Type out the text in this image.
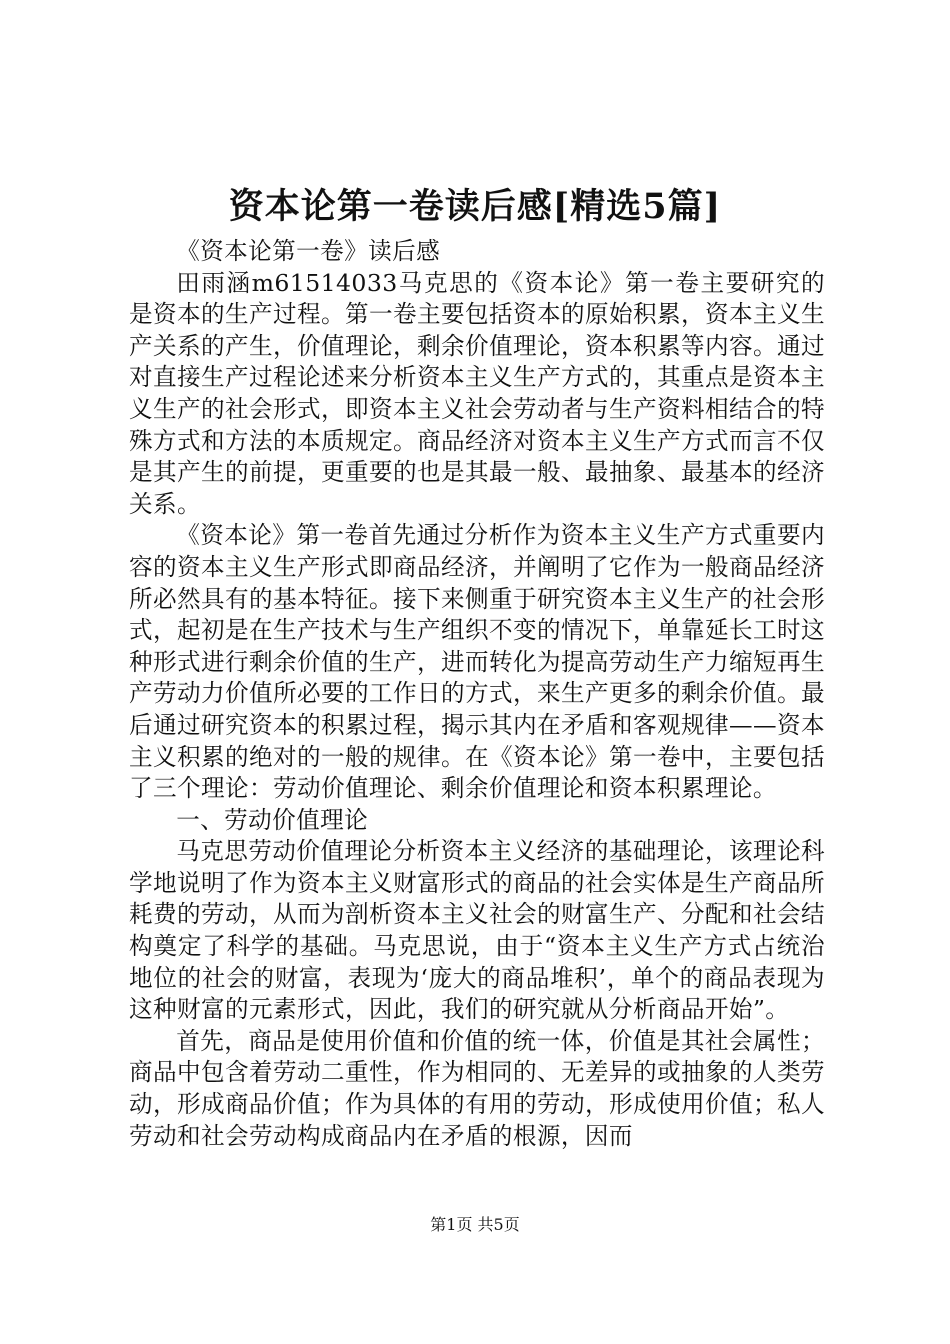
资本论第一卷读后感[精选5篇]

《资本论第一卷》读后感

田雨涵m61514033马克思的《资本论》第一卷主要研究的是资本的生产过程。第一卷主要包括资本的原始积累，资本主义生产关系的产生，价值理论，剩余价值理论，资本积累等内容。通过对直接生产过程论述来分析资本主义生产方式的，其重点是资本主义生产的社会形式，即资本主义社会劳动者与生产资料相结合的特殊方式和方法的本质规定。商品经济对资本主义生产方式而言不仅是其产生的前提，更重要的也是其最一般、最抽象、最基本的经济关系。

《资本论》第一卷首先通过分析作为资本主义生产方式重要内容的资本主义生产形式即商品经济，并阐明了它作为一般商品经济所必然具有的基本特征。接下来侧重于研究资本主义生产的社会形式，起初是在生产技术与生产组织不变的情况下，单靠延长工时这种形式进行剩余价值的生产，进而转化为提高劳动生产力缩短再生产劳动力价值所必要的工作日的方式，来生产更多的剩余价值。最后通过研究资本的积累过程，揭示其内在矛盾和客观规律——资本主义积累的绝对的一般的规律。在《资本论》第一卷中，主要包括了三个理论：劳动价值理论、剩余价值理论和资本积累理论。

一、劳动价值理论

马克思劳动价值理论分析资本主义经济的基础理论，该理论科学地说明了作为资本主义财富形式的商品的社会实体是生产商品所耗费的劳动，从而为剖析资本主义社会的财富生产、分配和社会结构奠定了科学的基础。马克思说，由于“资本主义生产方式占统治地位的社会的财富，表现为‘庞大的商品堆积’，单个的商品表现为这种财富的元素形式，因此，我们的研究就从分析商品开始”。

首先，商品是使用价值和价值的统一体，价值是其社会属性；商品中包含着劳动二重性，作为相同的、无差异的或抽象的人类劳动，形成商品价值；作为具体的有用的劳动，形成使用价值；私人劳动和社会劳动构成商品内在矛盾的根源，因而

第1页 共5页
